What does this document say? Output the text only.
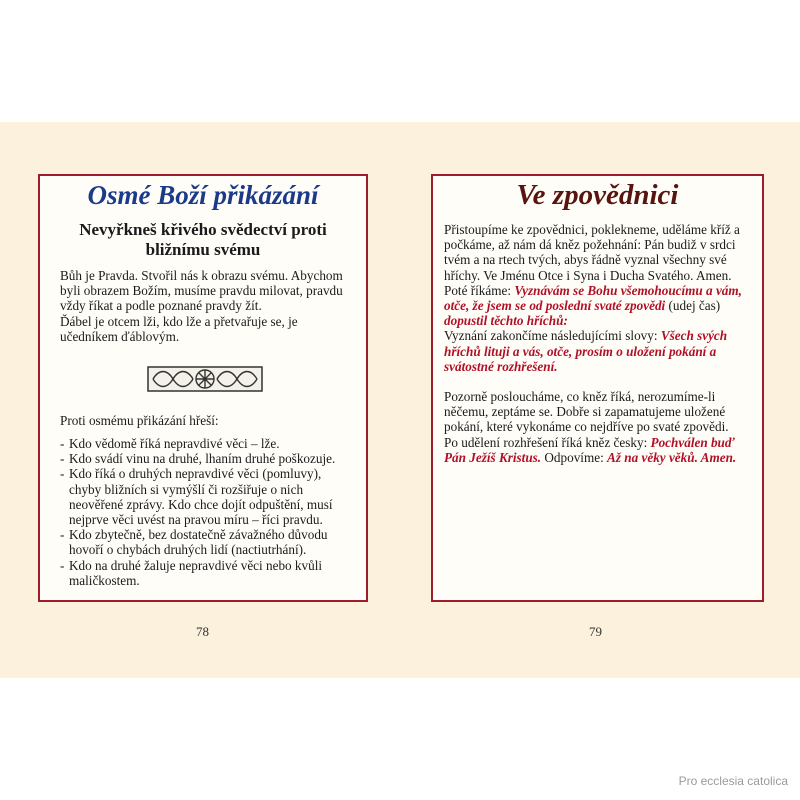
Osmé Boží přikázání
Nevyřkneš křivého svědectví proti bližnímu svému

Bůh je Pravda. Stvořil nás k obrazu svému. Abychom byli obrazem Božím, musíme pravdu milovat, pravdu vždy říkat a podle poznané pravdy žít.

Ďábel je otcem lži, kdo lže a přetvařuje se, je učedníkem ďáblovým.

Proti osmému přikázání hřeší:

- Kdo vědomě říká nepravdivé věci – lže.
- Kdo svádí vinu na druhé, lhaním druhé poškozuje.
- Kdo říká o druhých nepravdivé věci (pomluvy), chyby bližních si vymýšlí či rozšiřuje o nich neověřené zprávy. Kdo chce dojít odpuštění, musí nejprve věci uvést na pravou míru – říci pravdu.
- Kdo zbytečně, bez dostatečně závažného důvodu hovoří o chybách druhých lidí (nactiutrhání).
- Kdo na druhé žaluje nepravdivé věci nebo kvůli maličkostem.
Ve zpovědnici

Přistoupíme ke zpovědnici, poklekneme, uděláme kříž a počkáme, až nám dá kněz požehnání: Pán budiž v srdci tvém a na rtech tvých, abys řádně vyznal všechny své hříchy. Ve Jménu Otce i Syna i Ducha Svatého. Amen.

Poté říkáme: Vyznávám se Bohu všemohoucímu a vám, otče, že jsem se od poslední svaté zpovědi (udej čas) dopustil těchto hříchů:

Vyznání zakončíme následujícími slovy: Všech svých hříchů lituji a vás, otče, prosím o uložení pokání a svátostné rozhřešení.

Pozorně posloucháme, co kněz říká, nerozumíme-li něčemu, zeptáme se. Dobře si zapamatujeme uložené pokání, které vykonáme co nejdříve po svaté zpovědi.

Po udělení rozhřešení říká kněz česky: Pochválen buď Pán Ježíš Kristus. Odpovíme: Až na věky věků. Amen.

78	79
Pro ecclesia catolica
